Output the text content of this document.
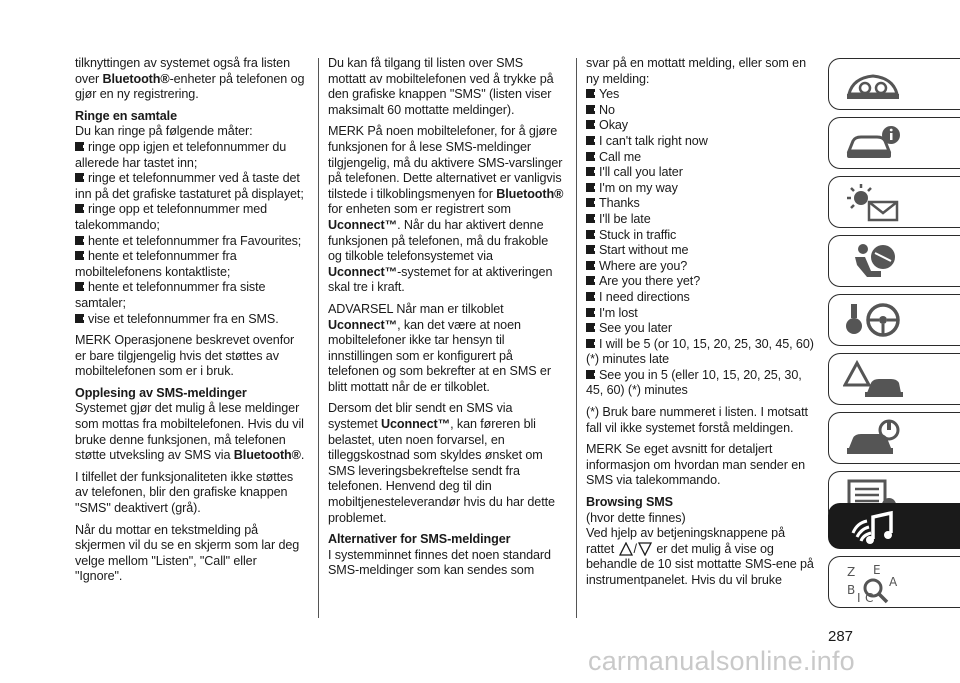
tilknyttingen av systemet også fra listen over Bluetooth®-enheter på telefonen og gjør en ny registrering.

Ringe en samtale

Du kan ringe på følgende måter:

ringe opp igjen et telefonnummer du allerede har tastet inn;
ringe et telefonnummer ved å taste det inn på det grafiske tastaturet på displayet;
ringe opp et telefonnummer med talekommando;
hente et telefonnummer fra Favourites;
hente et telefonnummer fra mobiltelefonens kontaktliste;
hente et telefonnummer fra siste samtaler;
vise et telefonnummer fra en SMS.

MERK Operasjonene beskrevet ovenfor er bare tilgjengelig hvis det støttes av mobiltelefonen som er i bruk.

Opplesing av SMS-meldinger

Systemet gjør det mulig å lese meldinger som mottas fra mobiltelefonen. Hvis du vil bruke denne funksjonen, må telefonen støtte utveksling av SMS via Bluetooth®.

I tilfellet der funksjonaliteten ikke støttes av telefonen, blir den grafiske knappen "SMS" deaktivert (grå).

Når du mottar en tekstmelding på skjermen vil du se en skjerm som lar deg velge mellom "Listen", "Call" eller "Ignore".

Du kan få tilgang til listen over SMS mottatt av mobiltelefonen ved å trykke på den grafiske knappen "SMS" (listen viser maksimalt 60 mottatte meldinger).

MERK På noen mobiltelefoner, for å gjøre funksjonen for å lese SMS-meldinger tilgjengelig, må du aktivere SMS-varslinger på telefonen. Dette alternativet er vanligvis tilstede i tilkoblingsmenyen for Bluetooth® for enheten som er registrert som Uconnect™. Når du har aktivert denne funksjonen på telefonen, må du frakoble og tilkoble telefonsystemet via Uconnect™-systemet for at aktiveringen skal tre i kraft.

ADVARSEL Når man er tilkoblet Uconnect™, kan det være at noen mobiltelefoner ikke tar hensyn til innstillingen som er konfigurert på telefonen og som bekrefter at en SMS er blitt mottatt når de er tilkoblet.

Dersom det blir sendt en SMS via systemet Uconnect™, kan føreren bli belastet, uten noen forvarsel, en tilleggskostnad som skyldes ønsket om SMS leveringsbekreftelse sendt fra telefonen. Henvend deg til din mobiltjenesteleverandør hvis du har dette problemet.

Alternativer for SMS-meldinger

I systemminnet finnes det noen standard SMS-meldinger som kan sendes som

svar på en mottatt melding, eller som en ny melding:

Yes
No
Okay
I can't talk right now
Call me
I'll call you later
I'm on my way
Thanks
I'll be late
Stuck in traffic
Start without me
Where are you?
Are you there yet?
I need directions
I'm lost
See you later
I will be 5 (or 10, 15, 20, 25, 30, 45, 60) (*) minutes late
See you in 5 (eller 10, 15, 20, 25, 30, 45, 60) (*) minutes

(*) Bruk bare nummeret i listen. I motsatt fall vil ikke systemet forstå meldingen.

MERK Se eget avsnitt for detaljert informasjon om hvordan man sender en SMS via talekommando.

Browsing SMS

(hvor dette finnes)

Ved hjelp av betjeningsknappene på
rattet / er det mulig å vise og behandle de 10 sist mottatte SMS-ene på instrumentpanelet. Hvis du vil bruke

Z E
B
I C
A
287
carmanualsonline.info
